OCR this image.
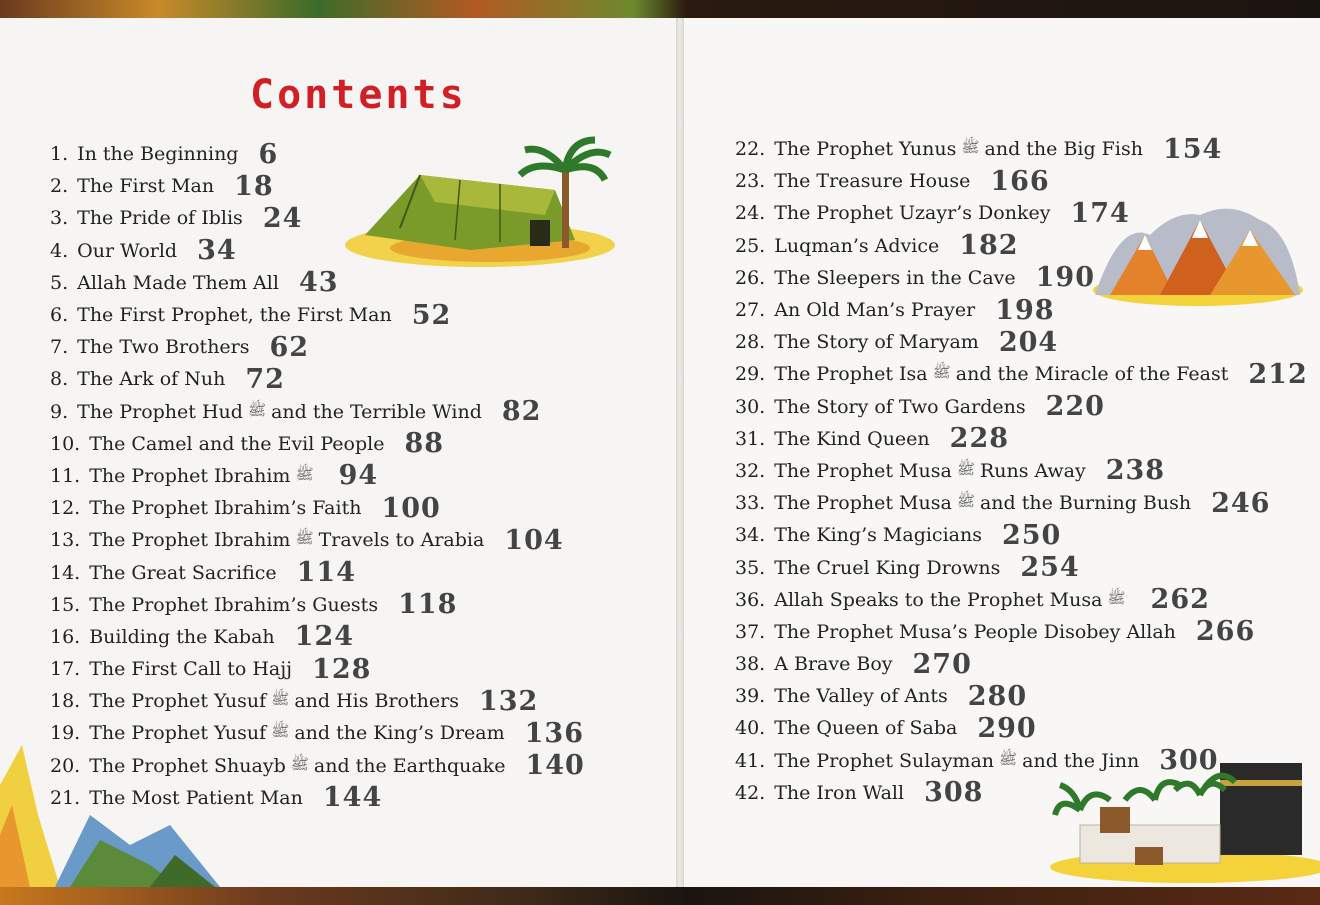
Contents
1. In the Beginning 6
2. The First Man 18
3. The Pride of Iblis 24
4. Our World 34
5. Allah Made Them All 43
6. The First Prophet, the First Man 52
7. The Two Brothers 62
8. The Ark of Nuh 72
9. The Prophet Hud ﷺ and the Terrible Wind 82
10. The Camel and the Evil People 88
11. The Prophet Ibrahim ﷺ 94
12. The Prophet Ibrahim’s Faith 100
13. The Prophet Ibrahim ﷺ Travels to Arabia 104
14. The Great Sacrifice 114
15. The Prophet Ibrahim’s Guests 118
16. Building the Kabah 124
17. The First Call to Hajj 128
18. The Prophet Yusuf ﷺ and His Brothers 132
19. The Prophet Yusuf ﷺ and the King’s Dream 136
20. The Prophet Shuayb ﷺ and the Earthquake 140
21. The Most Patient Man 144
22. The Prophet Yunus ﷺ and the Big Fish 154
23. The Treasure House 166
24. The Prophet Uzayr’s Donkey 174
25. Luqman’s Advice 182
26. The Sleepers in the Cave 190
27. An Old Man’s Prayer 198
28. The Story of Maryam 204
29. The Prophet Isa ﷺ and the Miracle of the Feast 212
30. The Story of Two Gardens 220
31. The Kind Queen 228
32. The Prophet Musa ﷺ Runs Away 238
33. The Prophet Musa ﷺ and the Burning Bush 246
34. The King’s Magicians 250
35. The Cruel King Drowns 254
36. Allah Speaks to the Prophet Musa ﷺ 262
37. The Prophet Musa’s People Disobey Allah 266
38. A Brave Boy 270
39. The Valley of Ants 280
40. The Queen of Saba 290
41. The Prophet Sulayman ﷺ and the Jinn 300
42. The Iron Wall 308
